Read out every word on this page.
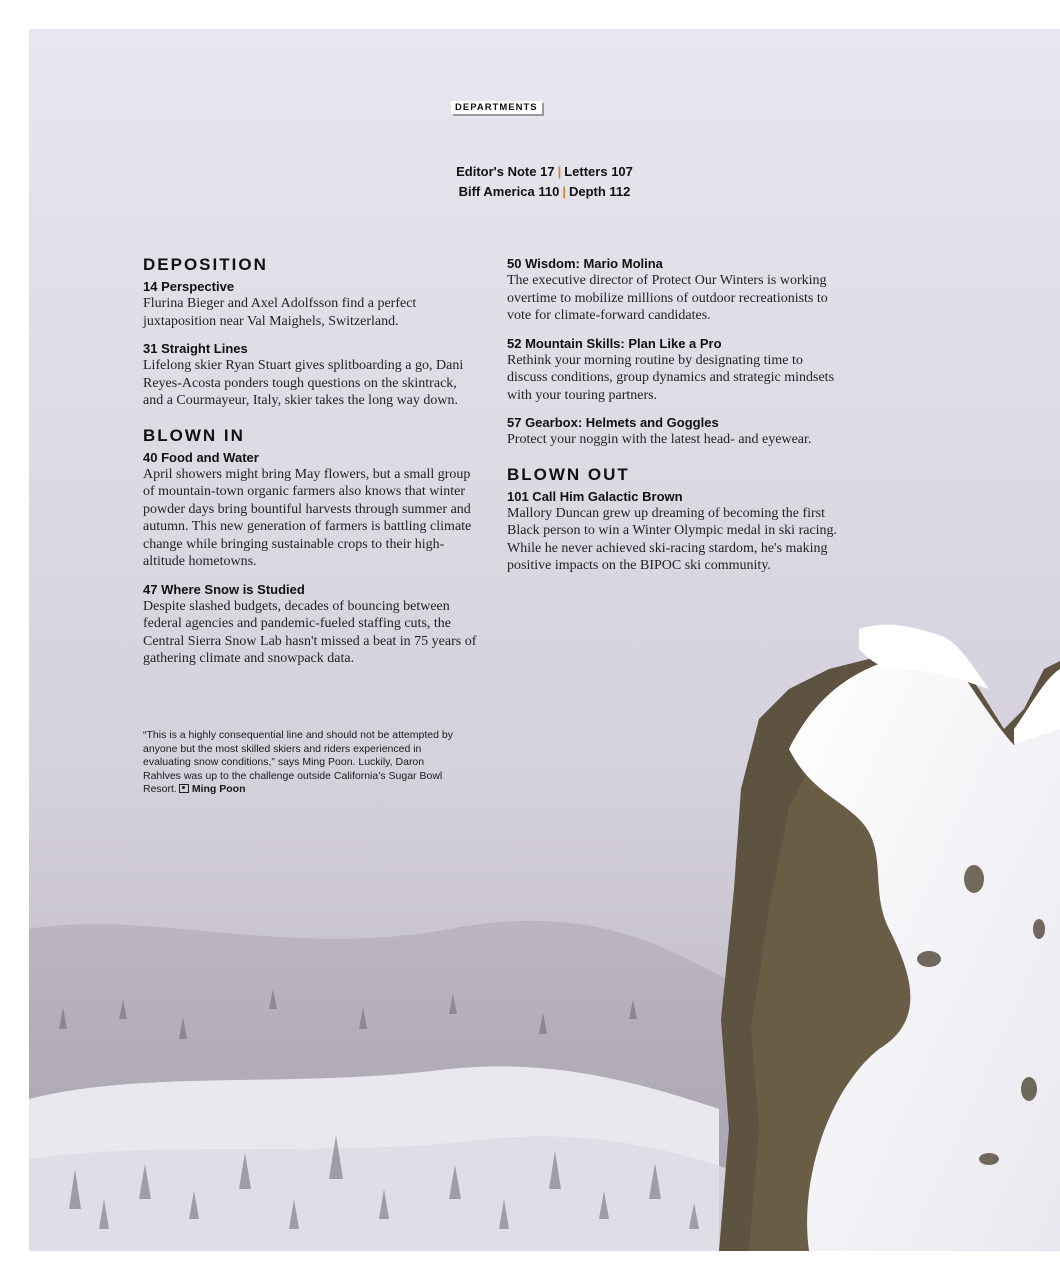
DEPARTMENTS
Editor's Note 17 | Letters 107
Biff America 110 | Depth 112
DEPOSITION
14 Perspective
Flurina Bieger and Axel Adolfsson find a perfect juxtaposition near Val Maighels, Switzerland.
31 Straight Lines
Lifelong skier Ryan Stuart gives splitboarding a go, Dani Reyes-Acosta ponders tough questions on the skintrack, and a Courmayeur, Italy, skier takes the long way down.
BLOWN IN
40 Food and Water
April showers might bring May flowers, but a small group of mountain-town organic farmers also knows that winter powder days bring bountiful harvests through summer and autumn. This new generation of farmers is battling climate change while bringing sustainable crops to their high-altitude hometowns.
47 Where Snow is Studied
Despite slashed budgets, decades of bouncing between federal agencies and pandemic-fueled staffing cuts, the Central Sierra Snow Lab hasn't missed a beat in 75 years of gathering climate and snowpack data.
50 Wisdom: Mario Molina
The executive director of Protect Our Winters is working overtime to mobilize millions of outdoor recreationists to vote for climate-forward candidates.
52 Mountain Skills: Plan Like a Pro
Rethink your morning routine by designating time to discuss conditions, group dynamics and strategic mindsets with your touring partners.
57 Gearbox: Helmets and Goggles
Protect your noggin with the latest head- and eyewear.
BLOWN OUT
101 Call Him Galactic Brown
Mallory Duncan grew up dreaming of becoming the first Black person to win a Winter Olympic medal in ski racing. While he never achieved ski-racing stardom, he's making positive impacts on the BIPOC ski community.
“This is a highly consequential line and should not be attempted by anyone but the most skilled skiers and riders experienced in evaluating snow conditions,” says Ming Poon. Luckily, Daron Rahlves was up to the challenge outside California’s Sugar Bowl Resort. Ming Poon
